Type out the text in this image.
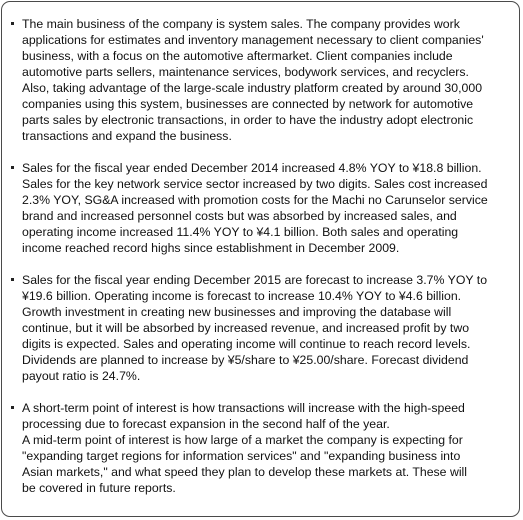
The main business of the company is system sales. The company provides work
applications for estimates and inventory management necessary to client companies'
business, with a focus on the automotive aftermarket. Client companies include
automotive parts sellers, maintenance services, bodywork services, and recyclers.
Also, taking advantage of the large-scale industry platform created by around 30,000
companies using this system, businesses are connected by network for automotive
parts sales by electronic transactions, in order to have the industry adopt electronic
transactions and expand the business.
Sales for the fiscal year ended December 2014 increased 4.8% YOY to ¥18.8 billion.
Sales for the key network service sector increased by two digits. Sales cost increased
2.3% YOY, SG&A increased with promotion costs for the Machi no Carunselor service
brand and increased personnel costs but was absorbed by increased sales, and
operating income increased 11.4% YOY to ¥4.1 billion. Both sales and operating
income reached record highs since establishment in December 2009.
Sales for the fiscal year ending December 2015 are forecast to increase 3.7% YOY to
¥19.6 billion. Operating income is forecast to increase 10.4% YOY to ¥4.6 billion.
Growth investment in creating new businesses and improving the database will
continue, but it will be absorbed by increased revenue, and increased profit by two
digits is expected. Sales and operating income will continue to reach record levels.
Dividends are planned to increase by ¥5/share to ¥25.00/share. Forecast dividend
payout ratio is 24.7%.
A short-term point of interest is how transactions will increase with the high-speed
processing due to forecast expansion in the second half of the year.
A mid-term point of interest is how large of a market the company is expecting for
"expanding target regions for information services" and "expanding business into
Asian markets," and what speed they plan to develop these markets at. These will
be covered in future reports.
